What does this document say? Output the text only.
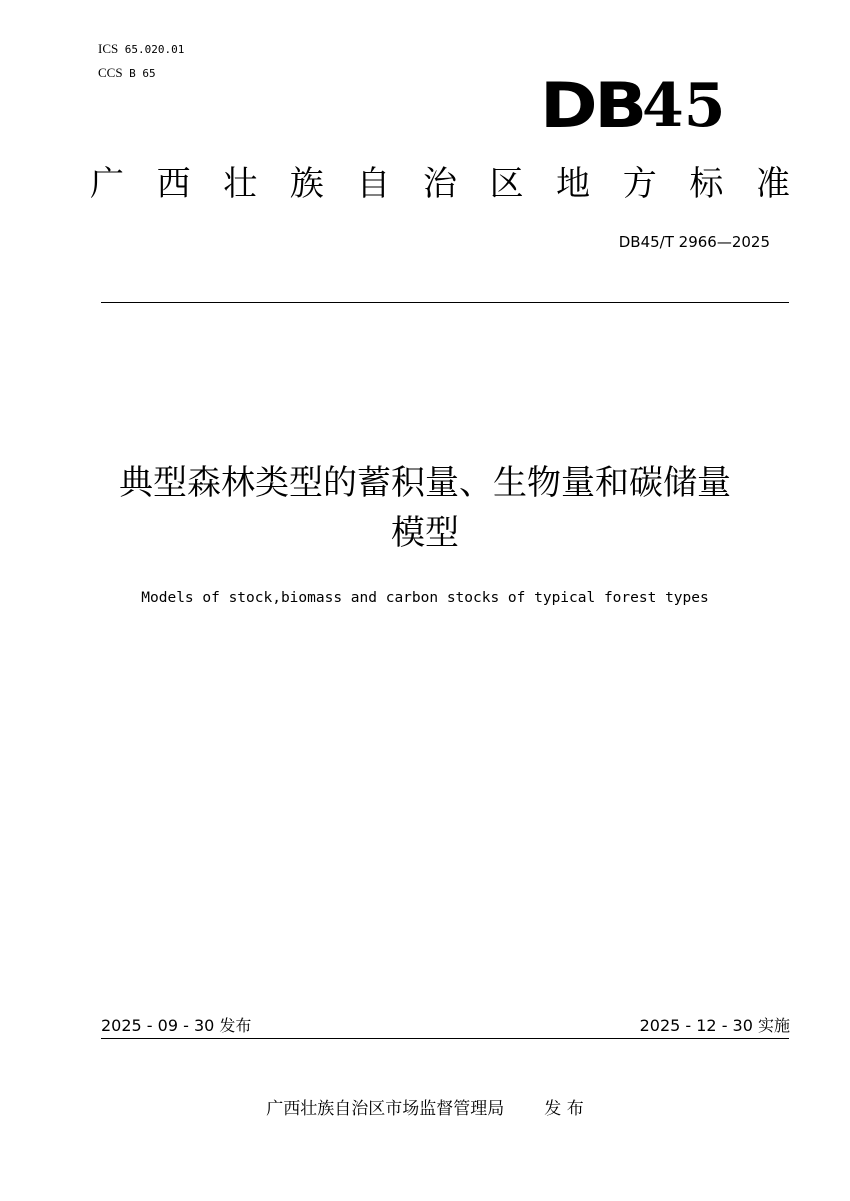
ICS 65.020.01
CCS B 65	DB
45
广 西 壮 族 自 治 区 地 方 标 准
DB45/T 2966—2025
典型森林类型的蓄积量、生物量和碳储量
模型
Models of stock,biomass and carbon stocks of typical forest types
2025 - 09 - 30 发布	2025 - 12 - 30 实施
广西壮族自治区市场监督管理局 发 布
